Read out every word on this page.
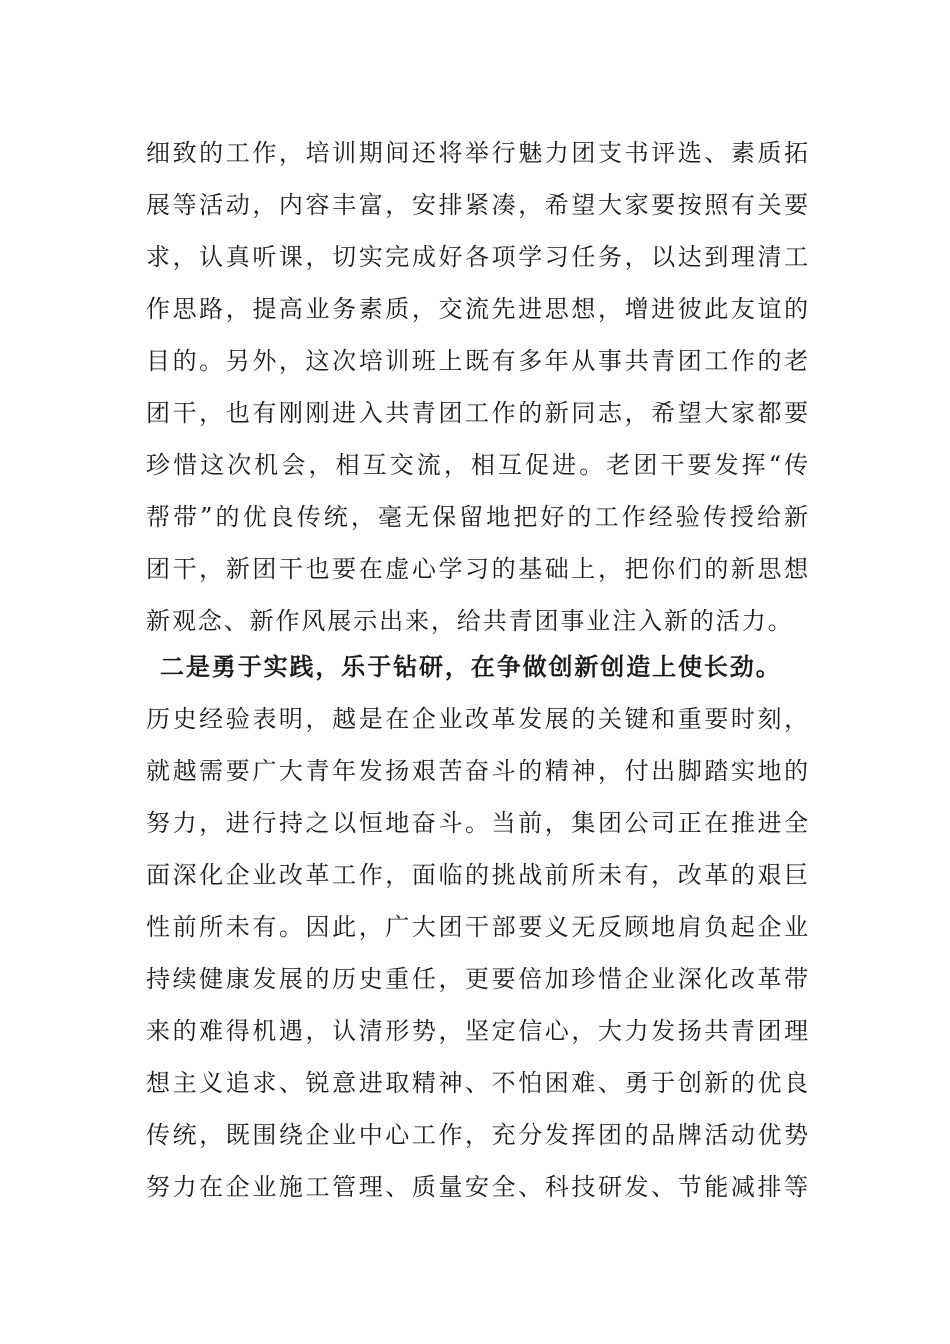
细致的工作，培训期间还将举行魅力团支书评选、素质拓
展等活动，内容丰富，安排紧凑，希望大家要按照有关要
求，认真听课，切实完成好各项学习任务，以达到理清工
作思路，提高业务素质，交流先进思想，增进彼此友谊的
目的。另外，这次培训班上既有多年从事共青团工作的老
团干，也有刚刚进入共青团工作的新同志，希望大家都要
珍惜这次机会，相互交流，相互促进。老团干要发挥“传
帮带”的优良传统，毫无保留地把好的工作经验传授给新
团干，新团干也要在虚心学习的基础上，把你们的新思想
新观念、新作风展示出来，给共青团事业注入新的活力。
二是勇于实践，乐于钻研，在争做创新创造上使长劲。
历史经验表明，越是在企业改革发展的关键和重要时刻，
就越需要广大青年发扬艰苦奋斗的精神，付出脚踏实地的
努力，进行持之以恒地奋斗。当前，集团公司正在推进全
面深化企业改革工作，面临的挑战前所未有，改革的艰巨
性前所未有。因此，广大团干部要义无反顾地肩负起企业
持续健康发展的历史重任，更要倍加珍惜企业深化改革带
来的难得机遇，认清形势，坚定信心，大力发扬共青团理
想主义追求、锐意进取精神、不怕困难、勇于创新的优良
传统，既围绕企业中心工作，充分发挥团的品牌活动优势
努力在企业施工管理、质量安全、科技研发、节能减排等
